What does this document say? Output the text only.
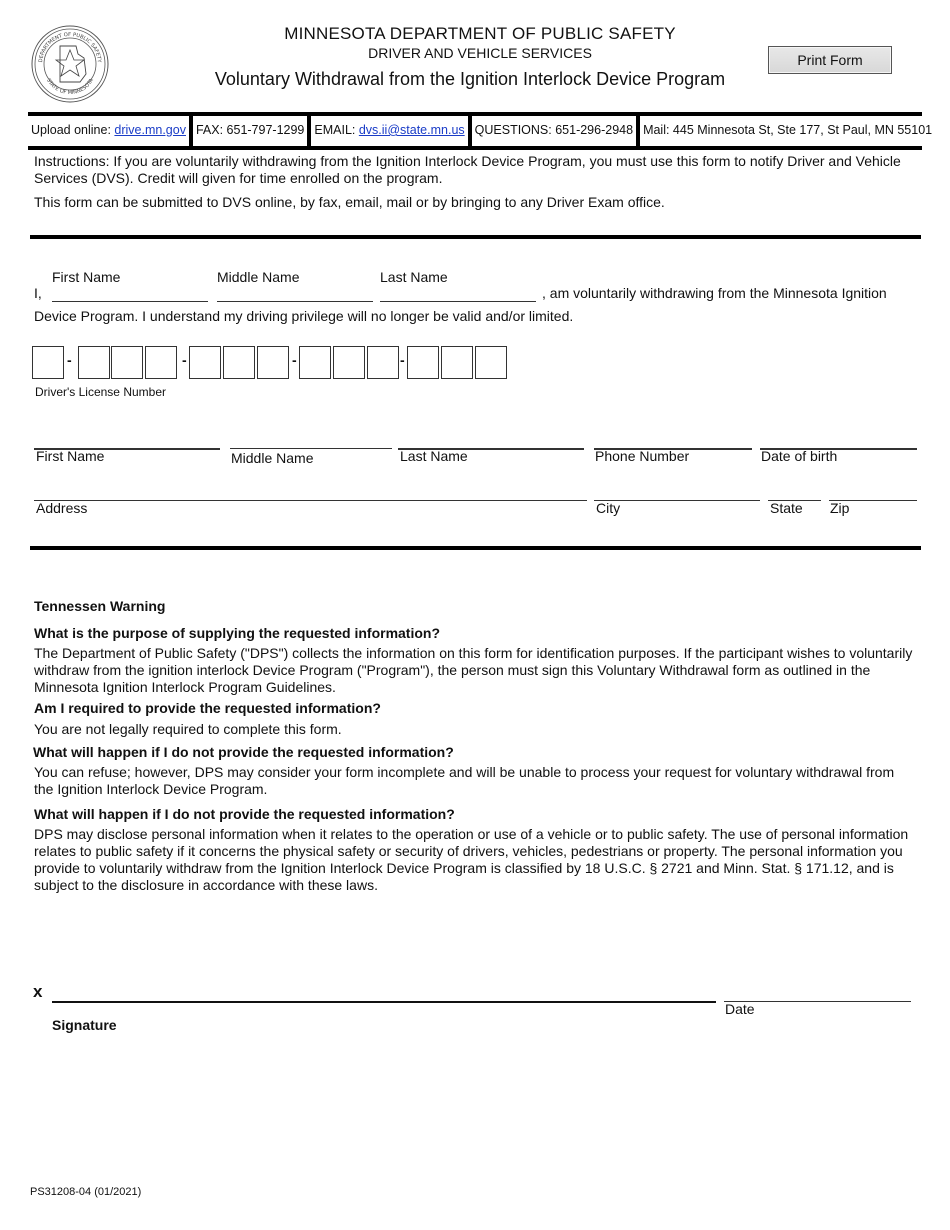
DEPARTMENT OF PUBLIC SAFETY
STATE OF MINNESOTA
MINNESOTA DEPARTMENT OF PUBLIC SAFETY
DRIVER AND VEHICLE SERVICES
Voluntary Withdrawal from the Ignition Interlock Device Program
Print Form
Upload online: drive.mn.gov FAX: 651-797-1299 EMAIL: dvs.ii@state.mn.us QUESTIONS: 651-296-2948 Mail: 445 Minnesota St, Ste 177, St Paul, MN 55101
Instructions: If you are voluntarily withdrawing from the Ignition Interlock Device Program, you must use this form to notify Driver and Vehicle Services (DVS). Credit will given for time enrolled on the program.
This form can be submitted to DVS online, by fax, email, mail or by bringing to any Driver Exam office.
First Name	Middle Name	Last Name
I,	, am voluntarily withdrawing from the Minnesota Ignition
Device Program. I understand my driving privilege will no longer be valid and/or limited.
-	-	-	-
Driver's License Number
First Name	Middle Name	Last Name	Phone Number	Date of birth
Address	City	State Zip
Tennessen Warning
What is the purpose of supplying the requested information?
The Department of Public Safety ("DPS") collects the information on this form for identification purposes. If the participant wishes to voluntarily withdraw from the ignition interlock Device Program ("Program"), the person must sign this Voluntary Withdrawal form as outlined in the Minnesota Ignition Interlock Program Guidelines.
Am I required to provide the requested information?
You are not legally required to complete this form.
What will happen if I do not provide the requested information?
You can refuse; however, DPS may consider your form incomplete and will be unable to process your request for voluntary withdrawal from the Ignition Interlock Device Program.
What will happen if I do not provide the requested information?
DPS may disclose personal information when it relates to the operation or use of a vehicle or to public safety. The use of personal information relates to public safety if it concerns the physical safety or security of drivers, vehicles, pedestrians or property. The personal information you provide to voluntarily withdraw from the Ignition Interlock Device Program is classified by 18 U.S.C. § 2721 and Minn. Stat. § 171.12, and is subject to the disclosure in accordance with these laws.
x
Signature
Date
PS31208-04 (01/2021)
